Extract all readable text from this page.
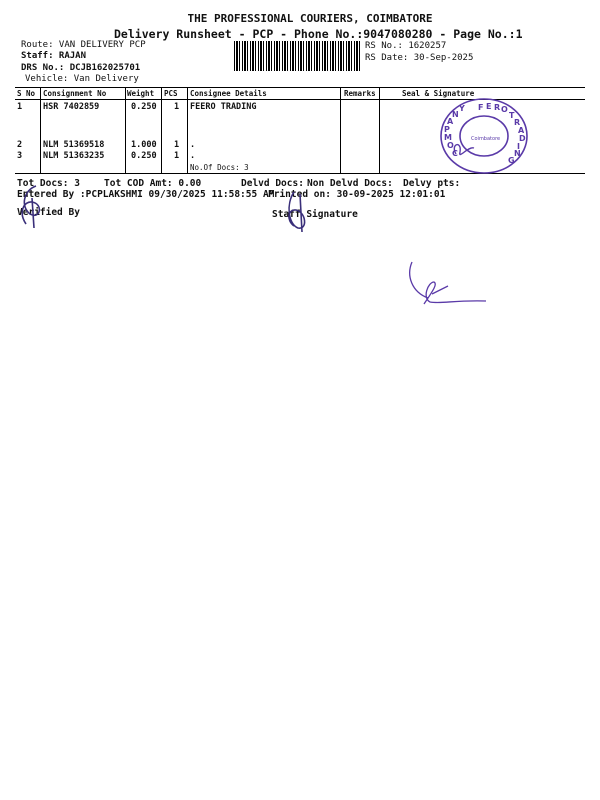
THE PROFESSIONAL COURIERS, COIMBATORE
Delivery Runsheet - PCP - Phone No.:9047080280 - Page No.:1
Route: VAN DELIVERY PCP
Staff: RAJAN
DRS No.: DCJB162025701
Vehicle: Van Delivery
RS No.: 1620257
RS Date: 30-Sep-2025
S No Consignment No	Weight PCS Consignee Details	Remarks	Seal & Signature
1 HSR 7402859	0.250 1 FEERO TRADING
2 NLM 51369518	1.000 1 .
3 NLM 51363235	0.250 1 .
No.Of Docs: 3
F E R O
T
R
A
D
I
N
G
C
O
M
P
A
N
Y
Coimbatore
Tot Docs: 3	Tot COD Amt: 0.00	Delvd Docs: Non Delvd Docs: Delvy pts:
Entered By :PCPLAKSHMI 09/30/2025 11:58:55 AM
Printed on: 30-09-2025 12:01:01
Verified By	Staff Signature
